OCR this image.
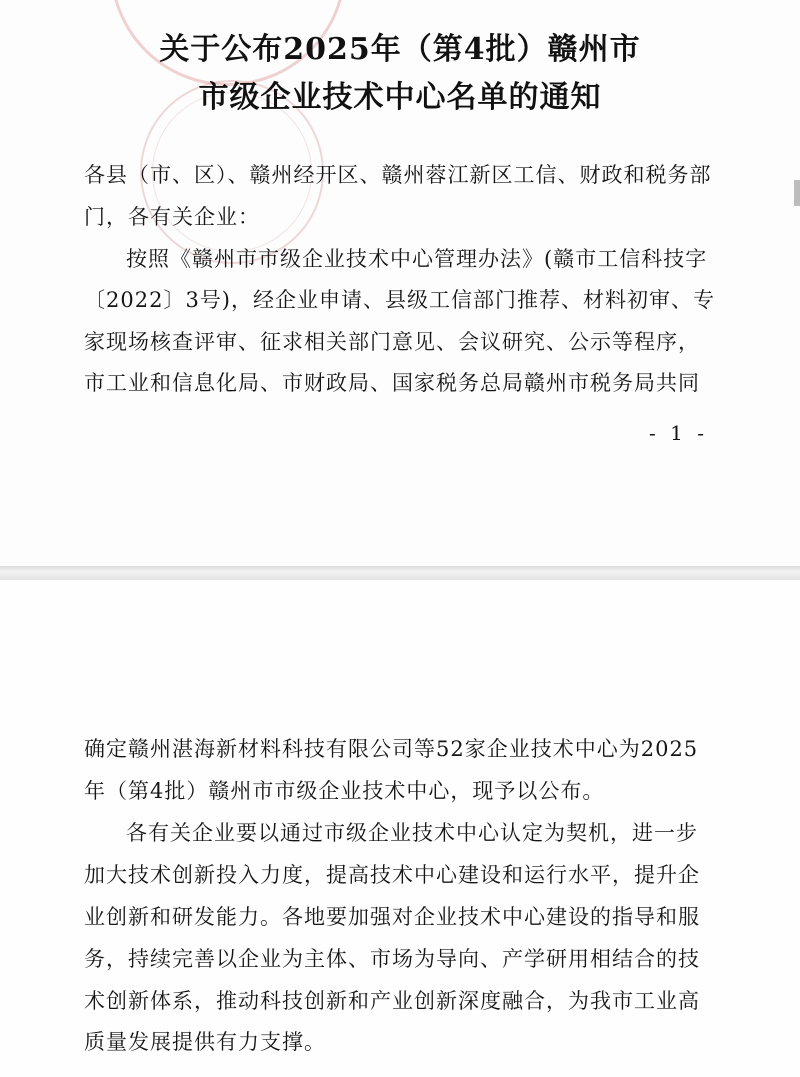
关于公布2025年（第4批）赣州市
市级企业技术中心名单的通知
各县（市、区）、赣州经开区、赣州蓉江新区工信、财政和税务部
门，各有关企业：
按照《赣州市市级企业技术中心管理办法》(赣市工信科技字
〔2022〕3号)，经企业申请、县级工信部门推荐、材料初审、专
家现场核查评审、征求相关部门意见、会议研究、公示等程序，
市工业和信息化局、市财政局、国家税务总局赣州市税务局共同
- 1 -
确定赣州湛海新材料科技有限公司等52家企业技术中心为2025
年（第4批）赣州市市级企业技术中心，现予以公布。
各有关企业要以通过市级企业技术中心认定为契机，进一步
加大技术创新投入力度，提高技术中心建设和运行水平，提升企
业创新和研发能力。各地要加强对企业技术中心建设的指导和服
务，持续完善以企业为主体、市场为导向、产学研用相结合的技
术创新体系，推动科技创新和产业创新深度融合，为我市工业高
质量发展提供有力支撑。
